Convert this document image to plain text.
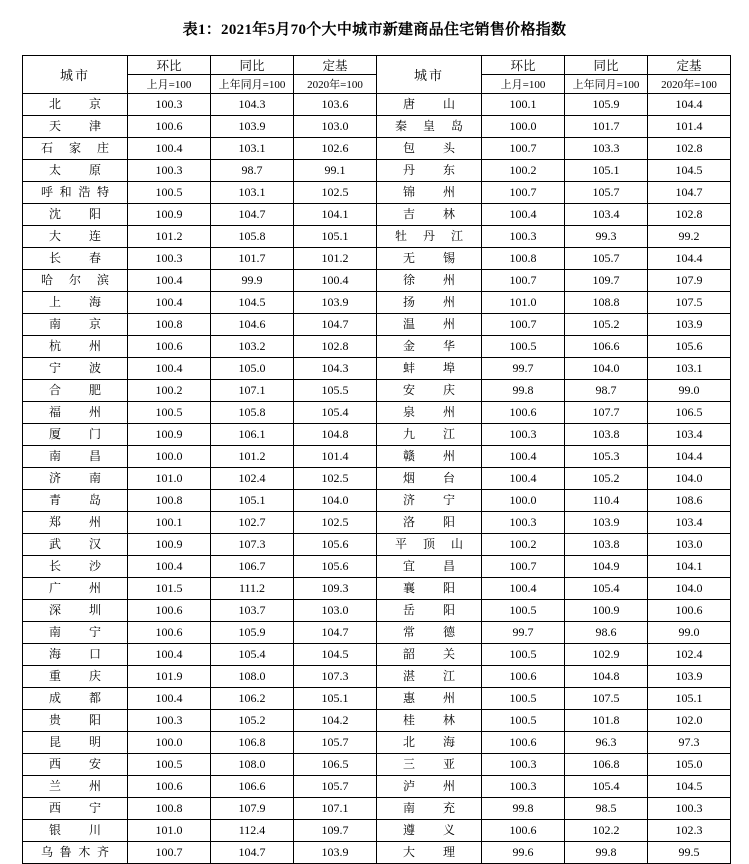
表1：2021年5月70个大中城市新建商品住宅销售价格指数
城市	环比	同比	定基	城市	环比	同比	定基
	上月=100	上年同月=100	2020年=100		上月=100	上年同月=100	2020年=100
北京	100.3	104.3	103.6	唐山	100.1	105.9	104.4
天津	100.6	103.9	103.0	秦皇岛	100.0	101.7	101.4
石家庄	100.4	103.1	102.6	包头	100.7	103.3	102.8
太原	100.3	98.7	99.1	丹东	100.2	105.1	104.5
呼和浩特	100.5	103.1	102.5	锦州	100.7	105.7	104.7
沈阳	100.9	104.7	104.1	吉林	100.4	103.4	102.8
大连	101.2	105.8	105.1	牡丹江	100.3	99.3	99.2
长春	100.3	101.7	101.2	无锡	100.8	105.7	104.4
哈尔滨	100.4	99.9	100.4	徐州	100.7	109.7	107.9
上海	100.4	104.5	103.9	扬州	101.0	108.8	107.5
南京	100.8	104.6	104.7	温州	100.7	105.2	103.9
杭州	100.6	103.2	102.8	金华	100.5	106.6	105.6
宁波	100.4	105.0	104.3	蚌埠	99.7	104.0	103.1
合肥	100.2	107.1	105.5	安庆	99.8	98.7	99.0
福州	100.5	105.8	105.4	泉州	100.6	107.7	106.5
厦门	100.9	106.1	104.8	九江	100.3	103.8	103.4
南昌	100.0	101.2	101.4	赣州	100.4	105.3	104.4
济南	101.0	102.4	102.5	烟台	100.4	105.2	104.0
青岛	100.8	105.1	104.0	济宁	100.0	110.4	108.6
郑州	100.1	102.7	102.5	洛阳	100.3	103.9	103.4
武汉	100.9	107.3	105.6	平顶山	100.2	103.8	103.0
长沙	100.4	106.7	105.6	宜昌	100.7	104.9	104.1
广州	101.5	111.2	109.3	襄阳	100.4	105.4	104.0
深圳	100.6	103.7	103.0	岳阳	100.5	100.9	100.6
南宁	100.6	105.9	104.7	常德	99.7	98.6	99.0
海口	100.4	105.4	104.5	韶关	100.5	102.9	102.4
重庆	101.9	108.0	107.3	湛江	100.6	104.8	103.9
成都	100.4	106.2	105.1	惠州	100.5	107.5	105.1
贵阳	100.3	105.2	104.2	桂林	100.5	101.8	102.0
昆明	100.0	106.8	105.7	北海	100.6	96.3	97.3
西安	100.5	108.0	106.5	三亚	100.3	106.8	105.0
兰州	100.6	106.6	105.7	泸州	100.3	105.4	104.5
西宁	100.8	107.9	107.1	南充	99.8	98.5	100.3
银川	101.0	112.4	109.7	遵义	100.6	102.2	102.3
乌鲁木齐	100.7	104.7	103.9	大理	99.6	99.8	99.5
